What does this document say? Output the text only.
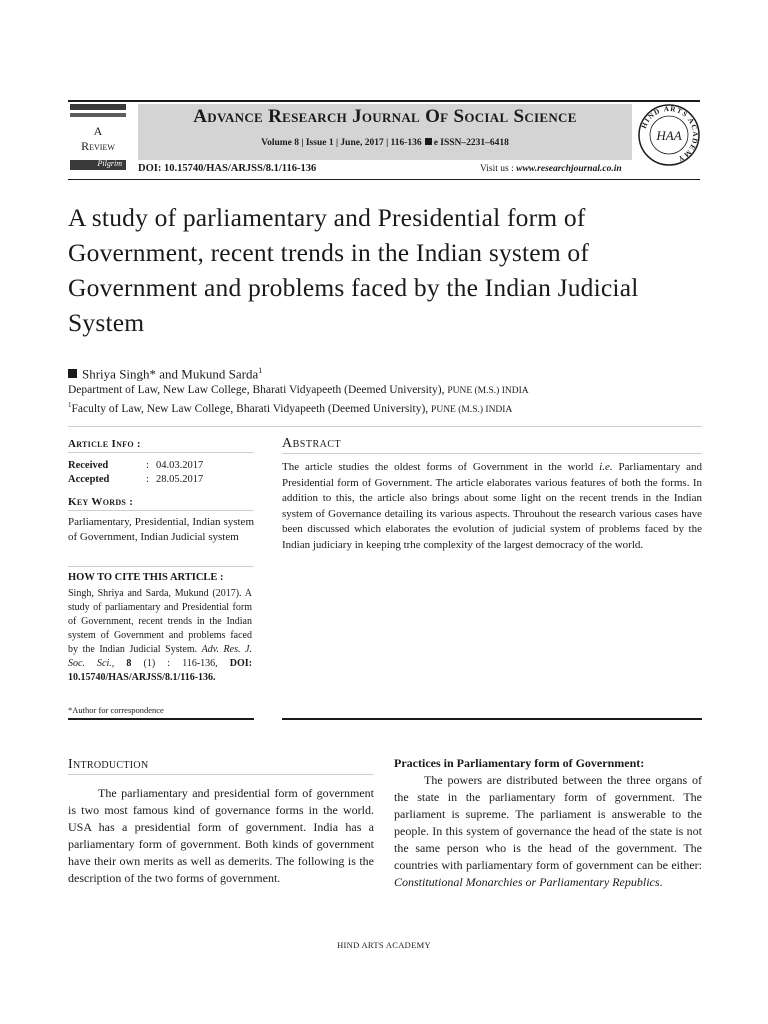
A
Review
Pilgrim
Advance Research Journal Of Social Science
Volume 8 | Issue 1 | June, 2017 | 116-136 e ISSN–2231–6418
DOI: 10.15740/HAS/ARJSS/8.1/116-136	Visit us : www.researchjournal.co.in
HIND ARTS ACADEMY
HAA
A study of parliamentary and Presidential form of Government, recent trends in the Indian system of Government and problems faced by the Indian Judicial System
Shriya Singh* and Mukund Sarda$^1$
Department of Law, New Law College, Bharati Vidyapeeth (Deemed University), PUNE (M.S.) INDIA
$^1$Faculty of Law, New Law College, Bharati Vidyapeeth (Deemed University), PUNE (M.S.) INDIA
Article Info :
Received	: 04.03.2017
Accepted	: 28.05.2017
Key Words :
Parliamentary, Presidential, Indian system of Government, Indian Judicial system
HOW TO CITE THIS ARTICLE :
Singh, Shriya and Sarda, Mukund (2017). A study of parliamentary and Presidential form of Government, recent trends in the Indian system of Government and problems faced by the Indian Judicial System. Adv. Res. J. Soc. Sci., 8 (1) : 116-136, DOI: 10.15740/HAS/ARJSS/8.1/116-136.
*Author for correspondence
Abstract
The article studies the oldest forms of Government in the world i.e. Parliamentary and Presidential form of Government. The article elaborates various features of both the forms. In addition to this, the article also brings about some light on the recent trends in the Indian system of Governance detailing its various aspects. Throuhout the research various cases have been discussed which elaborates the evolution of judicial system of problems faced by the Indian judiciary in keeping trhe complexity of the largest democracy of the world.
Introduction

The parliamentary and presidential form of government is two most famous kind of governance forms in the world. USA has a presidential form of government. India has a parliamentary form of government. Both kinds of government have their own merits as well as demerits. The following is the description of the two forms of government.

Practices in Parliamentary form of Government:

The powers are distributed between the three organs of the state in the parliamentary form of government. The parliament is supreme. The parliament is answerable to the people. In this system of governance the head of the state is not the same person who is the head of the government. The countries with parliamentary form of government can be either: Constitutional Monarchies or Parliamentary Republics.

HIND ARTS ACADEMY
